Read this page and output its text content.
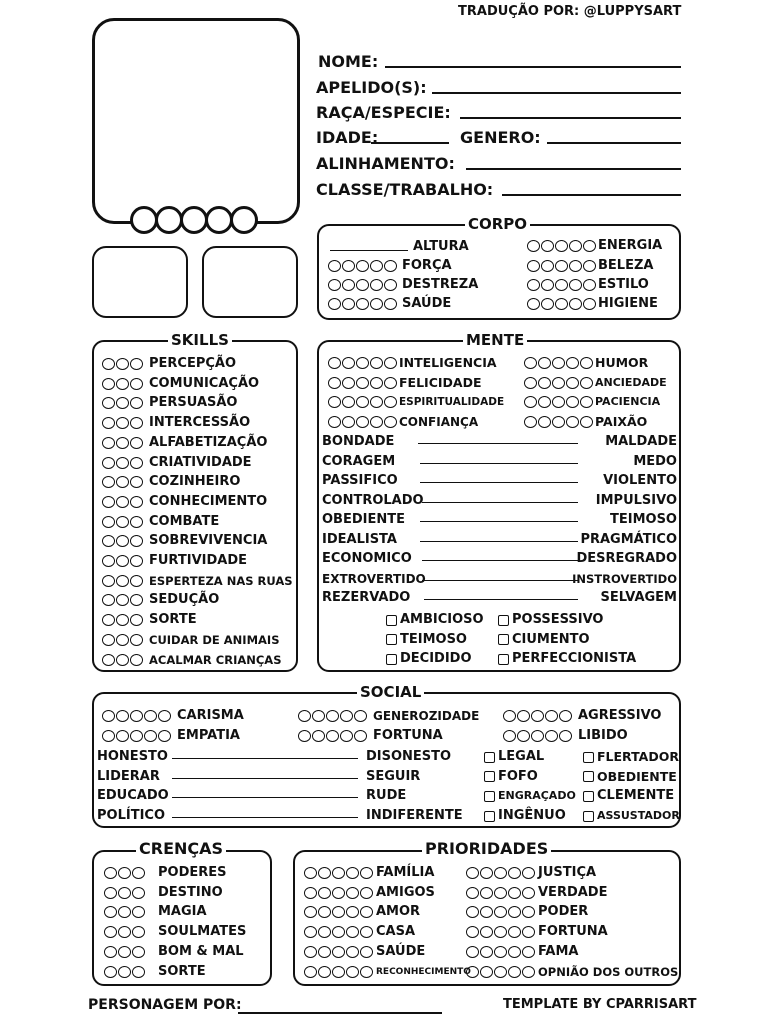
TRADUÇÃO POR: @LUPPYSART
NOME:
APELIDO(S):
RAÇA/ESPECIE:
IDADE:	GENERO:
ALINHAMENTO:
CLASSE/TRABALHO:
CORPO
ALTURA
FORÇA
DESTREZA
SAÚDE
ENERGIA
BELEZA
ESTILO
HIGIENE
SKILLS
PERCEPÇÃO
COMUNICAÇÃO
PERSUASÃO
INTERCESSÃO
ALFABETIZAÇÃO
CRIATIVIDADE
COZINHEIRO
CONHECIMENTO
COMBATE
SOBREVIVENCIA
FURTIVIDADE
ESPERTEZA NAS RUAS
SEDUÇÃO
SORTE
CUIDAR DE ANIMAIS
ACALMAR CRIANÇAS
MENTE
INTELIGENCIA
FELICIDADE
ESPIRITUALIDADE
CONFIANÇA
HUMOR
ANCIEDADE
PACIENCIA
PAIXÃO
BONDADE	MALDADE
CORAGEM	MEDO
PASSIFICO	VIOLENTO
CONTROLADO	IMPULSIVO
OBEDIENTE	TEIMOSO
IDEALISTA	PRAGMÁTICO
ECONOMICO	DESREGRADO
EXTROVERTIDO	INSTROVERTIDO
REZERVADO	SELVAGEM
AMBICIOSO
TEIMOSO
DECIDIDO
POSSESSIVO
CIUMENTO
PERFECCIONISTA
SOCIAL
CARISMA	GENEROZIDADE	AGRESSIVO
EMPATIA	FORTUNA	LIBIDO
HONESTO	DISONESTO
LIDERAR	SEGUIR
EDUCADO	RUDE
POLÍTICO	INDIFERENTE
LEGAL
FOFO
ENGRAÇADO
INGÊNUO
FLERTADOR
OBEDIENTE
CLEMENTE
ASSUSTADOR
CRENÇAS
PODERES
DESTINO
MAGIA
SOULMATES
BOM & MAL
SORTE
PRIORIDADES
FAMÍLIA
AMIGOS
AMOR
CASA
SAÚDE
RECONHECIMENTO
JUSTIÇA
VERDADE
PODER
FORTUNA
FAMA
OPNIÃO DOS OUTROS
PERSONAGEM POR:	TEMPLATE BY CPARRISART
